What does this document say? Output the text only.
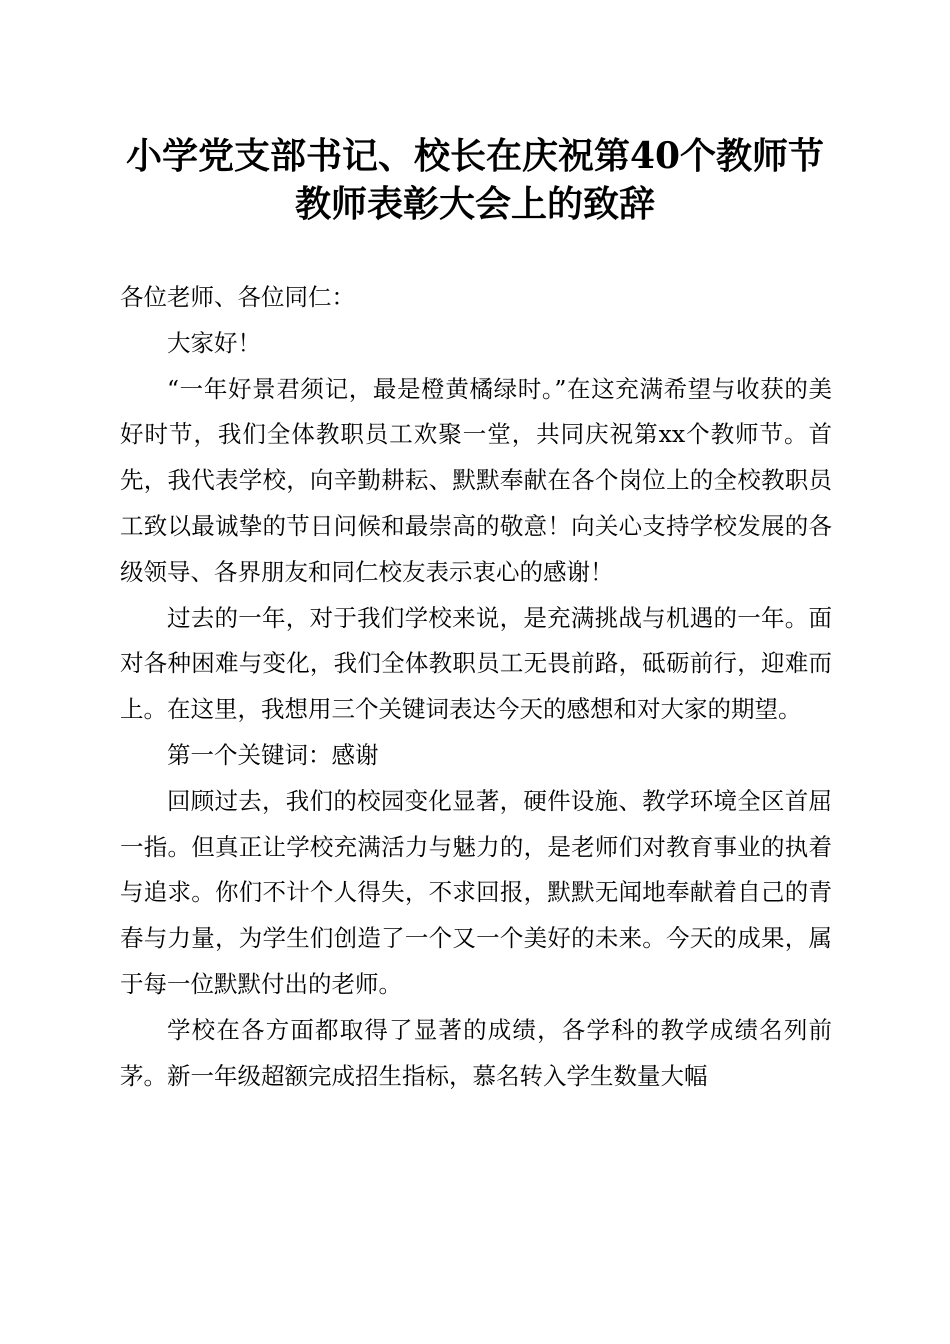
小学党支部书记、校长在庆祝第40个教师节
教师表彰大会上的致辞

各位老师、各位同仁：

大家好！

“一年好景君须记，最是橙黄橘绿时。”在这充满希望与收获的美好时节，我们全体教职员工欢聚一堂，共同庆祝第xx个教师节。首先，我代表学校，向辛勤耕耘、默默奉献在各个岗位上的全校教职员工致以最诚挚的节日问候和最崇高的敬意！向关心支持学校发展的各级领导、各界朋友和同仁校友表示衷心的感谢！

过去的一年，对于我们学校来说，是充满挑战与机遇的一年。面对各种困难与变化，我们全体教职员工无畏前路，砥砺前行，迎难而上。在这里，我想用三个关键词表达今天的感想和对大家的期望。

第一个关键词：感谢

回顾过去，我们的校园变化显著，硬件设施、教学环境全区首屈一指。但真正让学校充满活力与魅力的，是老师们对教育事业的执着与追求。你们不计个人得失，不求回报，默默无闻地奉献着自己的青春与力量，为学生们创造了一个又一个美好的未来。今天的成果，属于每一位默默付出的老师。

学校在各方面都取得了显著的成绩，各学科的教学成绩名列前茅。新一年级超额完成招生指标，慕名转入学生数量大幅
